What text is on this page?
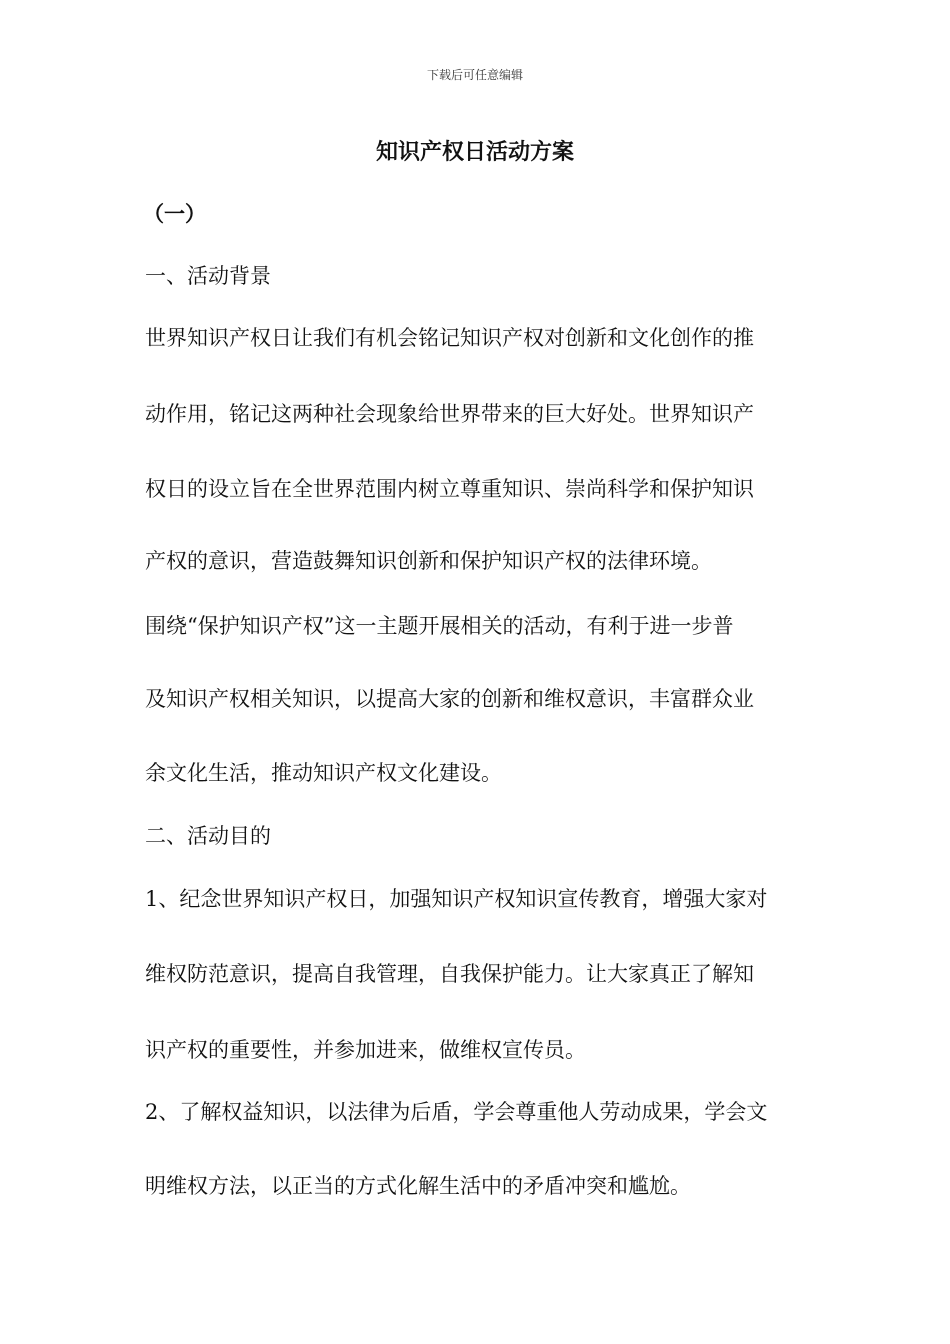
下载后可任意编辑
知识产权日活动方案
（一）
一、活动背景
世界知识产权日让我们有机会铭记知识产权对创新和文化创作的推
动作用，铭记这两种社会现象给世界带来的巨大好处。世界知识产
权日的设立旨在全世界范围内树立尊重知识、崇尚科学和保护知识
产权的意识，营造鼓舞知识创新和保护知识产权的法律环境。
围绕“保护知识产权”这一主题开展相关的活动，有利于进一步普
及知识产权相关知识，以提高大家的创新和维权意识，丰富群众业
余文化生活，推动知识产权文化建设。
二、活动目的
1、纪念世界知识产权日，加强知识产权知识宣传教育，增强大家对
维权防范意识，提高自我管理，自我保护能力。让大家真正了解知
识产权的重要性，并参加进来，做维权宣传员。
2、了解权益知识，以法律为后盾，学会尊重他人劳动成果，学会文
明维权方法，以正当的方式化解生活中的矛盾冲突和尴尬。
